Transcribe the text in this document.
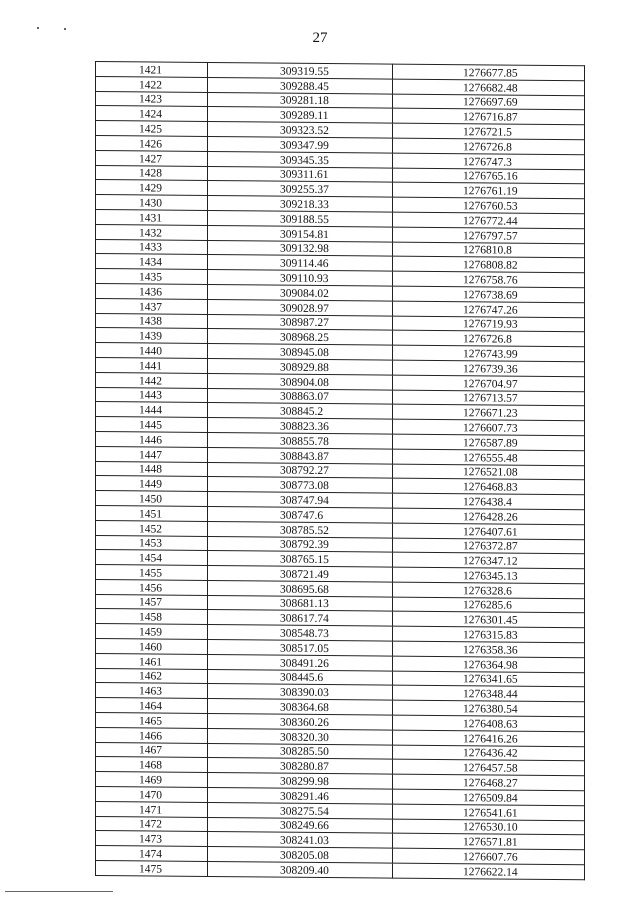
27
1421	309319.55	1276677.85
1422	309288.45	1276682.48
1423	309281.18	1276697.69
1424	309289.11	1276716.87
1425	309323.52	1276721.5
1426	309347.99	1276726.8
1427	309345.35	1276747.3
1428	309311.61	1276765.16
1429	309255.37	1276761.19
1430	309218.33	1276760.53
1431	309188.55	1276772.44
1432	309154.81	1276797.57
1433	309132.98	1276810.8
1434	309114.46	1276808.82
1435	309110.93	1276758.76
1436	309084.02	1276738.69
1437	309028.97	1276747.26
1438	308987.27	1276719.93
1439	308968.25	1276726.8
1440	308945.08	1276743.99
1441	308929.88	1276739.36
1442	308904.08	1276704.97
1443	308863.07	1276713.57
1444	308845.2	1276671.23
1445	308823.36	1276607.73
1446	308855.78	1276587.89
1447	308843.87	1276555.48
1448	308792.27	1276521.08
1449	308773.08	1276468.83
1450	308747.94	1276438.4
1451	308747.6	1276428.26
1452	308785.52	1276407.61
1453	308792.39	1276372.87
1454	308765.15	1276347.12
1455	308721.49	1276345.13
1456	308695.68	1276328.6
1457	308681.13	1276285.6
1458	308617.74	1276301.45
1459	308548.73	1276315.83
1460	308517.05	1276358.36
1461	308491.26	1276364.98
1462	308445.6	1276341.65
1463	308390.03	1276348.44
1464	308364.68	1276380.54
1465	308360.26	1276408.63
1466	308320.30	1276416.26
1467	308285.50	1276436.42
1468	308280.87	1276457.58
1469	308299.98	1276468.27
1470	308291.46	1276509.84
1471	308275.54	1276541.61
1472	308249.66	1276530.10
1473	308241.03	1276571.81
1474	308205.08	1276607.76
1475	308209.40	1276622.14
